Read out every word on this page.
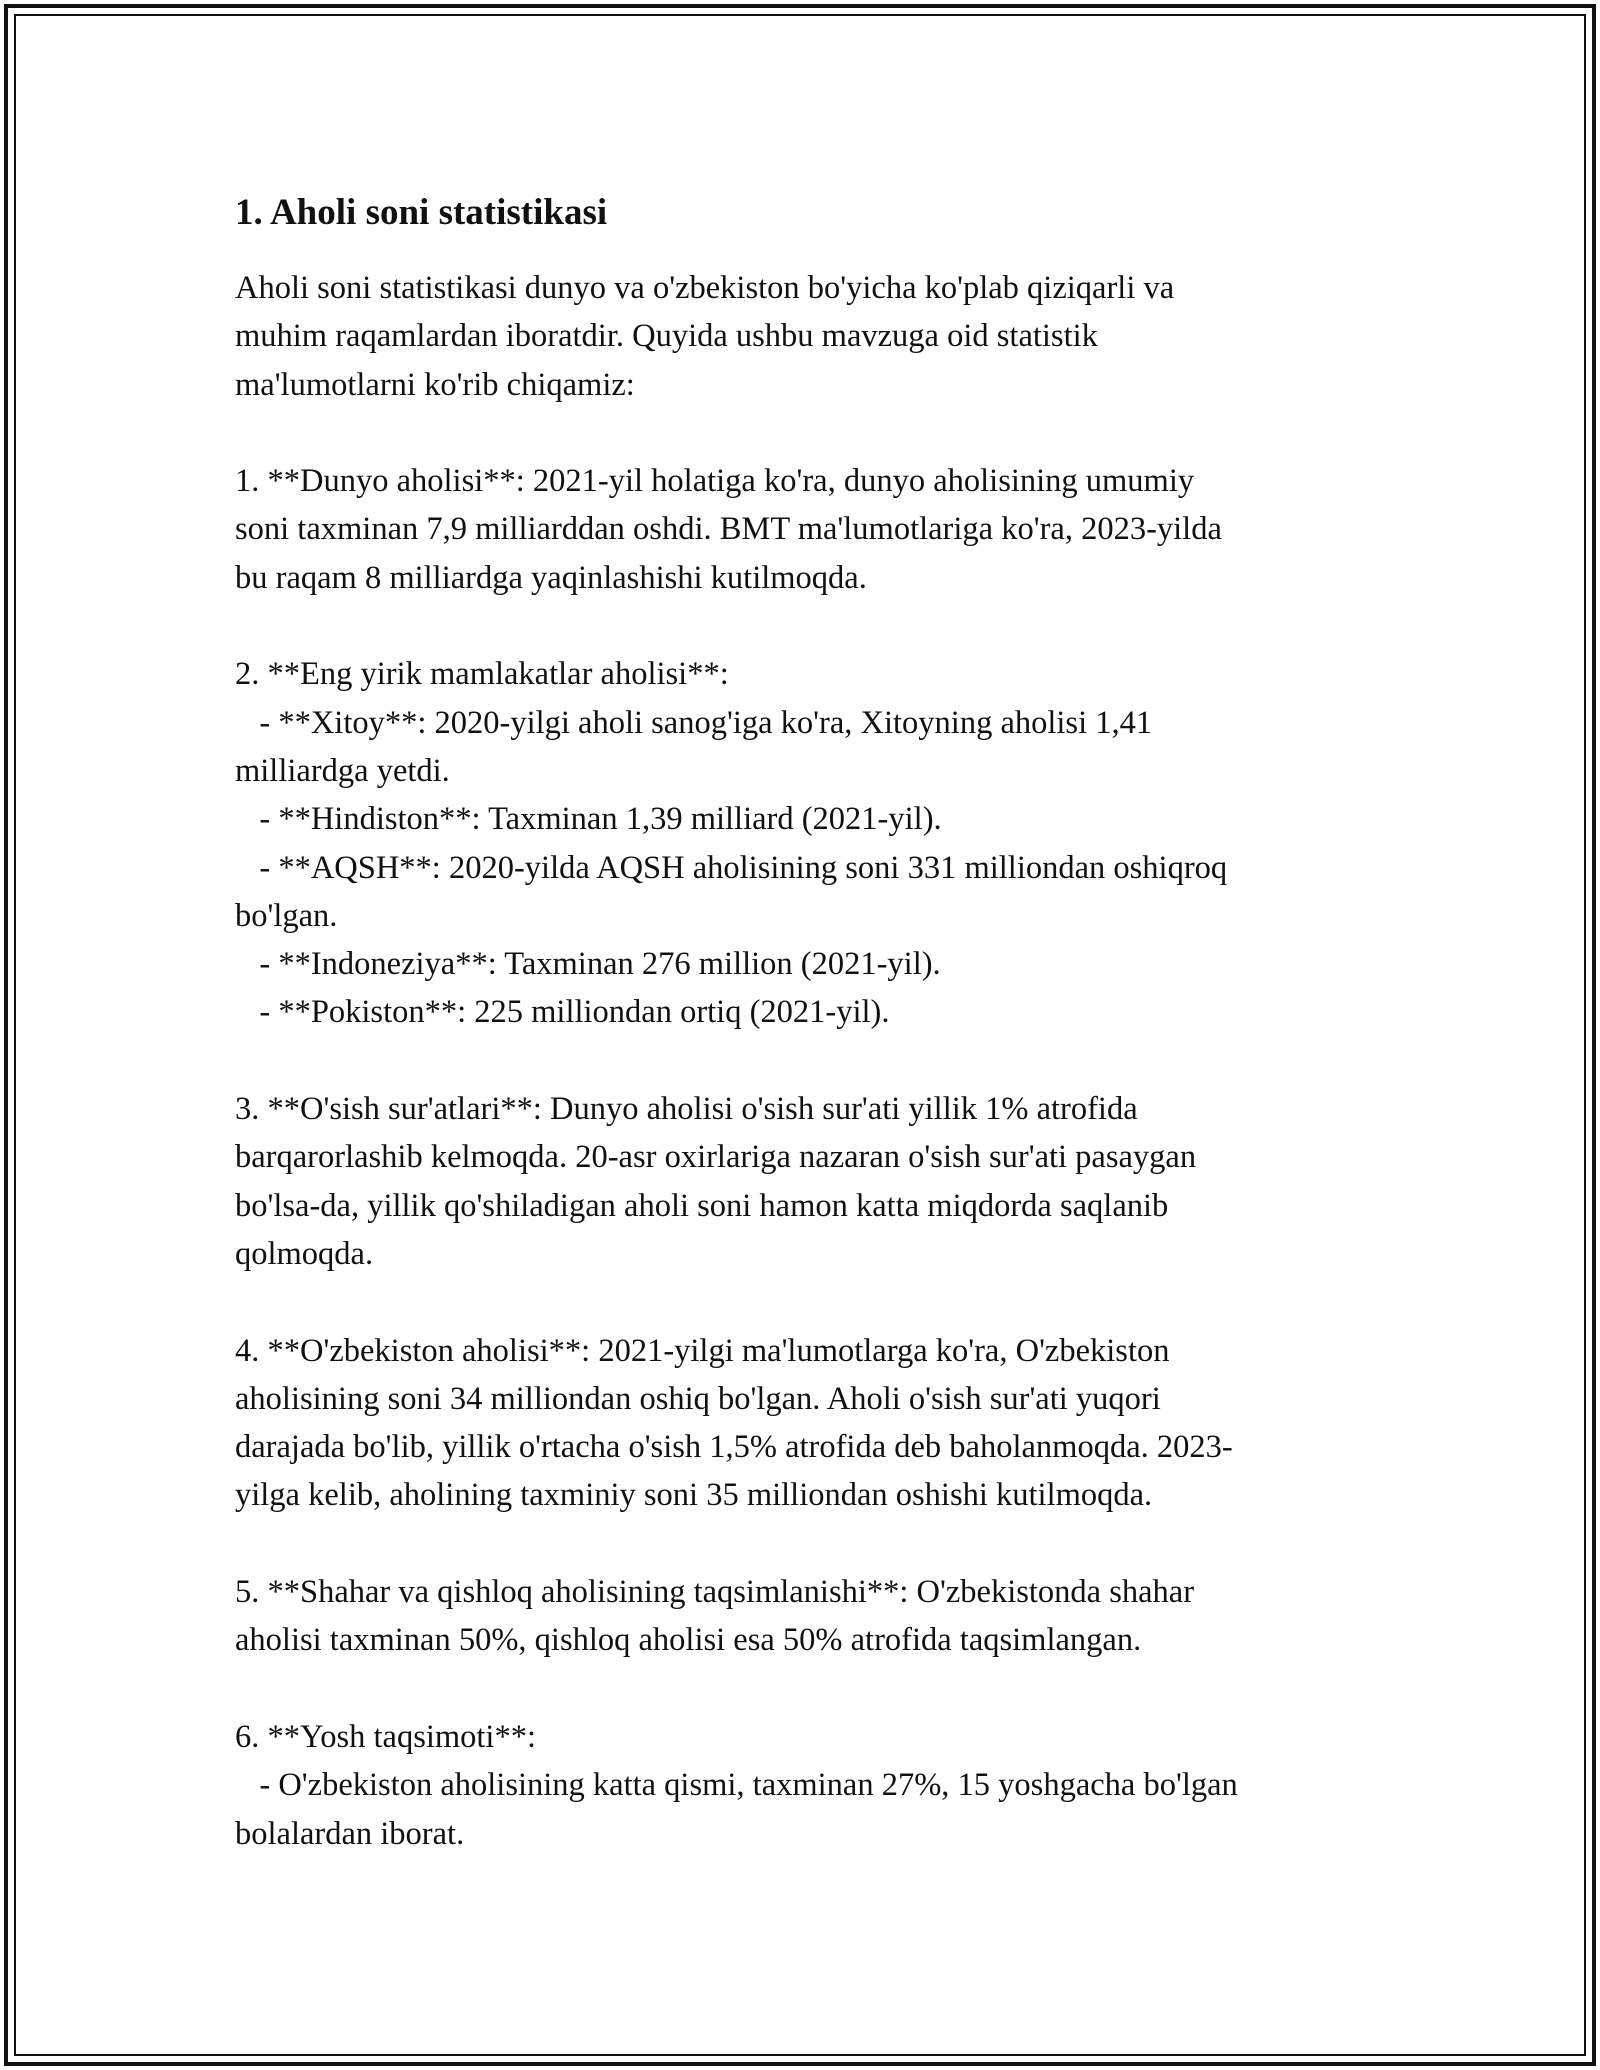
1. Aholi soni statistikasi

Aholi soni statistikasi dunyo va o'zbekiston bo'yicha ko'plab qiziqarli va
muhim raqamlardan iboratdir. Quyida ushbu mavzuga oid statistik
ma'lumotlarni ko'rib chiqamiz:

1. **Dunyo aholisi**: 2021-yil holatiga ko'ra, dunyo aholisining umumiy
soni taxminan 7,9 milliarddan oshdi. BMT ma'lumotlariga ko'ra, 2023-yilda
bu raqam 8 milliardga yaqinlashishi kutilmoqda.

2. **Eng yirik mamlakatlar aholisi**:
- **Xitoy**: 2020-yilgi aholi sanog'iga ko'ra, Xitoyning aholisi 1,41
milliardga yetdi.
- **Hindiston**: Taxminan 1,39 milliard (2021-yil).
- **AQSH**: 2020-yilda AQSH aholisining soni 331 milliondan oshiqroq
bo'lgan.
- **Indoneziya**: Taxminan 276 million (2021-yil).
- **Pokiston**: 225 milliondan ortiq (2021-yil).

3. **O'sish sur'atlari**: Dunyo aholisi o'sish sur'ati yillik 1% atrofida
barqarorlashib kelmoqda. 20-asr oxirlariga nazaran o'sish sur'ati pasaygan
bo'lsa-da, yillik qo'shiladigan aholi soni hamon katta miqdorda saqlanib
qolmoqda.

4. **O'zbekiston aholisi**: 2021-yilgi ma'lumotlarga ko'ra, O'zbekiston
aholisining soni 34 milliondan oshiq bo'lgan. Aholi o'sish sur'ati yuqori
darajada bo'lib, yillik o'rtacha o'sish 1,5% atrofida deb baholanmoqda. 2023-
yilga kelib, aholining taxminiy soni 35 milliondan oshishi kutilmoqda.

5. **Shahar va qishloq aholisining taqsimlanishi**: O'zbekistonda shahar
aholisi taxminan 50%, qishloq aholisi esa 50% atrofida taqsimlangan.

6. **Yosh taqsimoti**:
- O'zbekiston aholisining katta qismi, taxminan 27%, 15 yoshgacha bo'lgan
bolalardan iborat.
